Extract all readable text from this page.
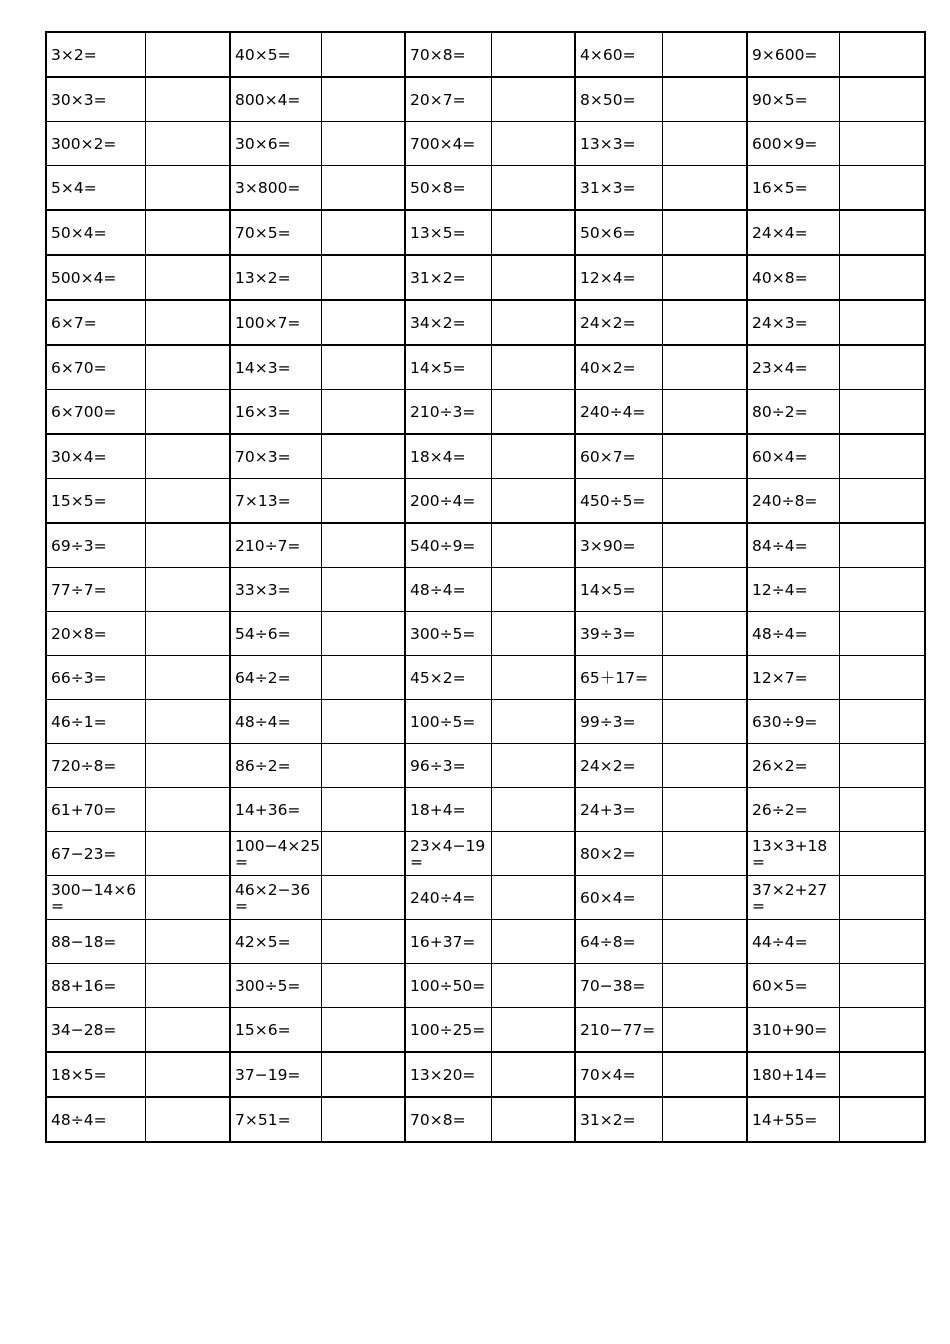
3×2=		40×5=		70×8=		4×60=		9×600=	
30×3=		800×4=		20×7=		8×50=		90×5=	
300×2=		30×6=		700×4=		13×3=		600×9=	
5×4=		3×800=		50×8=		31×3=		16×5=	
50×4=		70×5=		13×5=		50×6=		24×4=	
500×4=		13×2=		31×2=		12×4=		40×8=	
6×7=		100×7=		34×2=		24×2=		24×3=	
6×70=		14×3=		14×5=		40×2=		23×4=	
6×700=		16×3=		210÷3=		240÷4=		80÷2=	
30×4=		70×3=		18×4=		60×7=		60×4=	
15×5=		7×13=		200÷4=		450÷5=		240÷8=	
69÷3=		210÷7=		540÷9=		3×90=		84÷4=	
77÷7=		33×3=		48÷4=		14×5=		12÷4=	
20×8=		54÷6=		300÷5=		39÷3=		48÷4=	
66÷3=		64÷2=		45×2=		65＋17=		12×7=	
46÷1=		48÷4=		100÷5=		99÷3=		630÷9=	
720÷8=		86÷2=		96÷3=		24×2=		26×2=	
61+70=		14+36=		18+4=		24+3=		26÷2=	
67−23=		100−4×25=		23×4−19=		80×2=		13×3+18=	
300−14×6=		46×2−36=		240÷4=		60×4=		37×2+27=	
88−18=		42×5=		16+37=		64÷8=		44÷4=	
88+16=		300÷5=		100÷50=		70−38=		60×5=	
34−28=		15×6=		100÷25=		210−77=		310+90=	
18×5=		37−19=		13×20=		70×4=		180+14=	
48÷4=		7×51=		70×8=		31×2=		14+55=	
